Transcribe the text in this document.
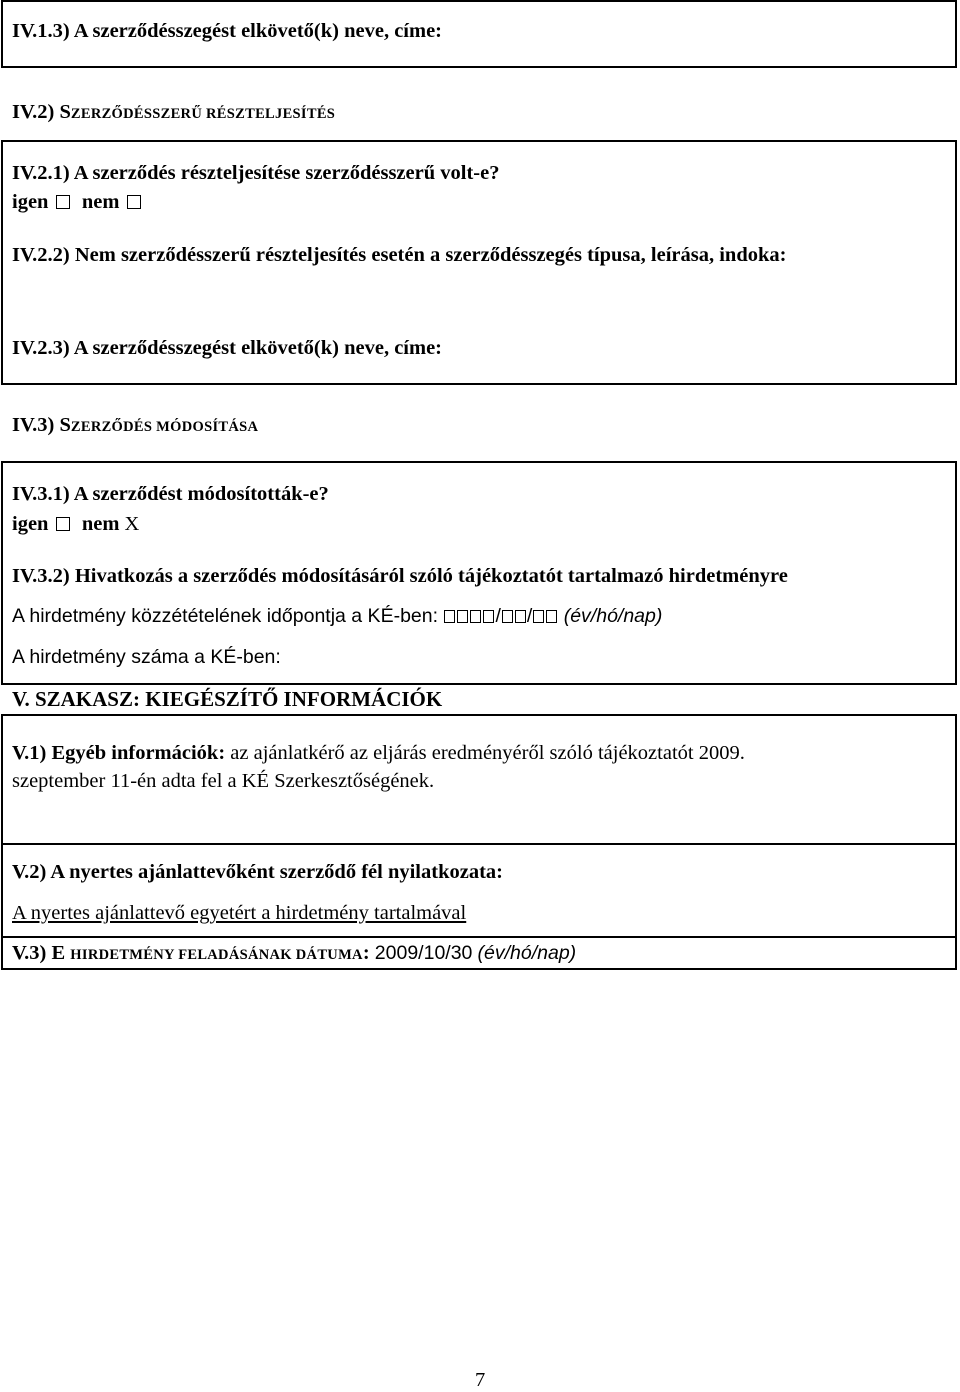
IV.1.3) A szerződésszegést elkövető(k) neve, címe:
IV.2) SZERZŐDÉSSZERŰ RÉSZTELJESÍTÉS
IV.2.1) A szerződés részteljesítése szerződésszerű volt-e?
igen nem
IV.2.2) Nem szerződésszerű részteljesítés esetén a szerződésszegés típusa, leírása, indoka:
IV.2.3) A szerződésszegést elkövető(k) neve, címe:
IV.3) SZERZŐDÉS MÓDOSÍTÁSA
IV.3.1) A szerződést módosították-e?
igen nem X
IV.3.2) Hivatkozás a szerződés módosításáról szóló tájékoztatót tartalmazó hirdetményre
A hirdetmény közzétételének időpontja a KÉ-ben:	/ / (év/hó/nap)
A hirdetmény száma a KÉ-ben:
V. SZAKASZ: KIEGÉSZÍTŐ INFORMÁCIÓK
V.1) Egyéb információk: az ajánlatkérő az eljárás eredményéről szóló tájékoztatót 2009.
szeptember 11-én adta fel a KÉ Szerkesztőségének.
V.2) A nyertes ajánlattevőként szerződő fél nyilatkozata:
A nyertes ajánlattevő egyetért a hirdetmény tartalmával
V.3) E HIRDETMÉNY FELADÁSÁNAK DÁTUMA: 2009/10/30 (év/hó/nap)
7
